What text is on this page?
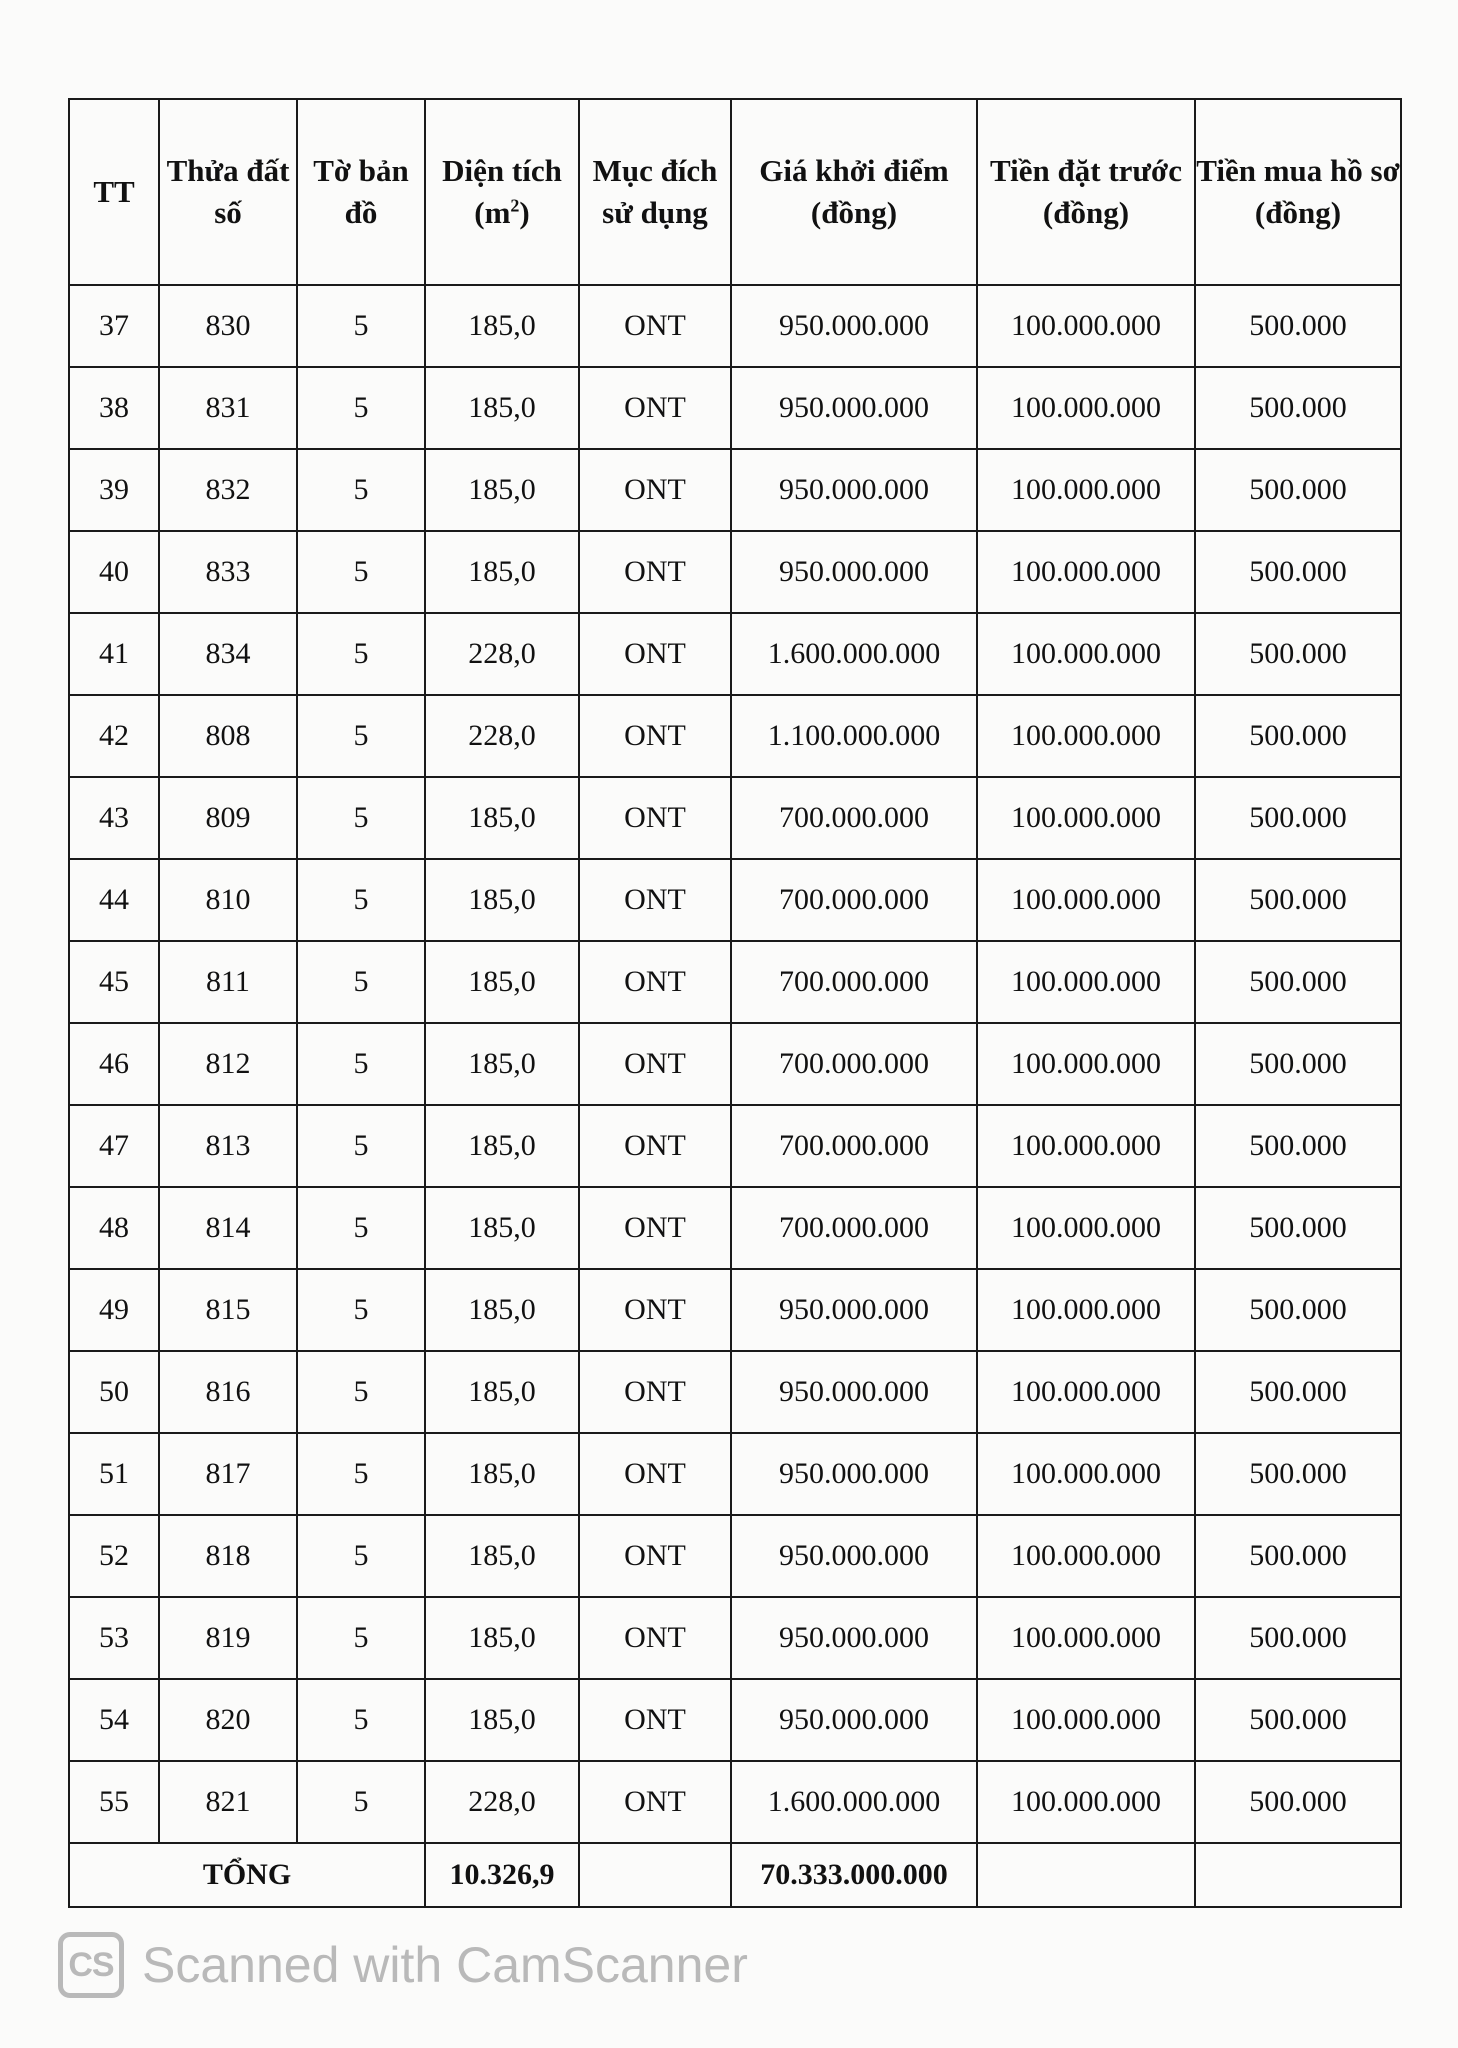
TT	Thửa đất số	Tờ bản đồ	Diện tích $(m^2)$	Mục đích sử dụng	Giá khởi điểm (đồng)	Tiền đặt trước (đồng)	Tiền mua hồ sơ (đồng)
37	830	5	185,0	ONT	950.000.000	100.000.000	500.000
38	831	5	185,0	ONT	950.000.000	100.000.000	500.000
39	832	5	185,0	ONT	950.000.000	100.000.000	500.000
40	833	5	185,0	ONT	950.000.000	100.000.000	500.000
41	834	5	228,0	ONT	1.600.000.000	100.000.000	500.000
42	808	5	228,0	ONT	1.100.000.000	100.000.000	500.000
43	809	5	185,0	ONT	700.000.000	100.000.000	500.000
44	810	5	185,0	ONT	700.000.000	100.000.000	500.000
45	811	5	185,0	ONT	700.000.000	100.000.000	500.000
46	812	5	185,0	ONT	700.000.000	100.000.000	500.000
47	813	5	185,0	ONT	700.000.000	100.000.000	500.000
48	814	5	185,0	ONT	700.000.000	100.000.000	500.000
49	815	5	185,0	ONT	950.000.000	100.000.000	500.000
50	816	5	185,0	ONT	950.000.000	100.000.000	500.000
51	817	5	185,0	ONT	950.000.000	100.000.000	500.000
52	818	5	185,0	ONT	950.000.000	100.000.000	500.000
53	819	5	185,0	ONT	950.000.000	100.000.000	500.000
54	820	5	185,0	ONT	950.000.000	100.000.000	500.000
55	821	5	228,0	ONT	1.600.000.000	100.000.000	500.000
TỔNG			10.326,9		70.333.000.000		
CS Scanned with CamScanner
